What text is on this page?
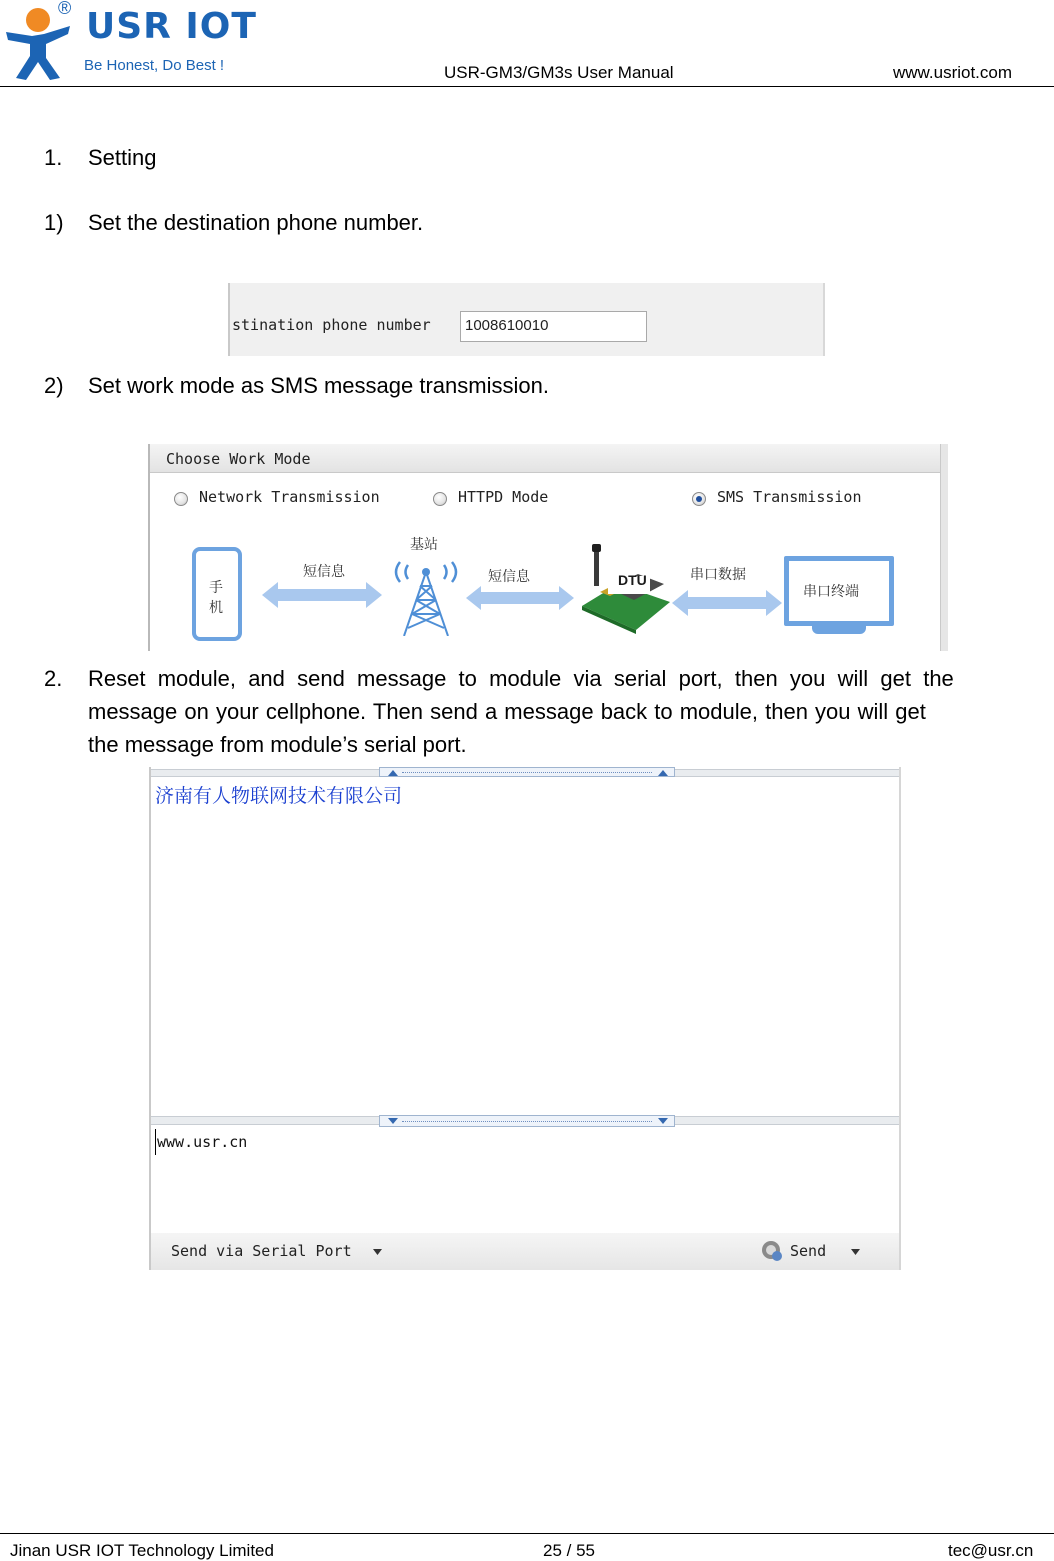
USR IOT
®
Be Honest, Do Best !	USR-GM3/GM3s User Manual	www.usriot.com
1. Setting
1) Set the destination phone number.
stination phone number 1008610010
2) Set work mode as SMS message transmission.
Choose Work Mode
Network Transmission	HTTPD Mode	SMS Transmission
手
机
短信息
基站
短信息	DTU	串口数据
串口终端
2. Reset  module,  and  send  message  to  module  via  serial  port,  then  you  will  get  the
message on your cellphone. Then send a message back to module, then you will get
the message from module’s serial port.
济南有人物联网技术有限公司
www.usr.cn
Send via Serial Port	Send
Jinan USR IOT Technology Limited	25 / 55	tec@usr.cn
